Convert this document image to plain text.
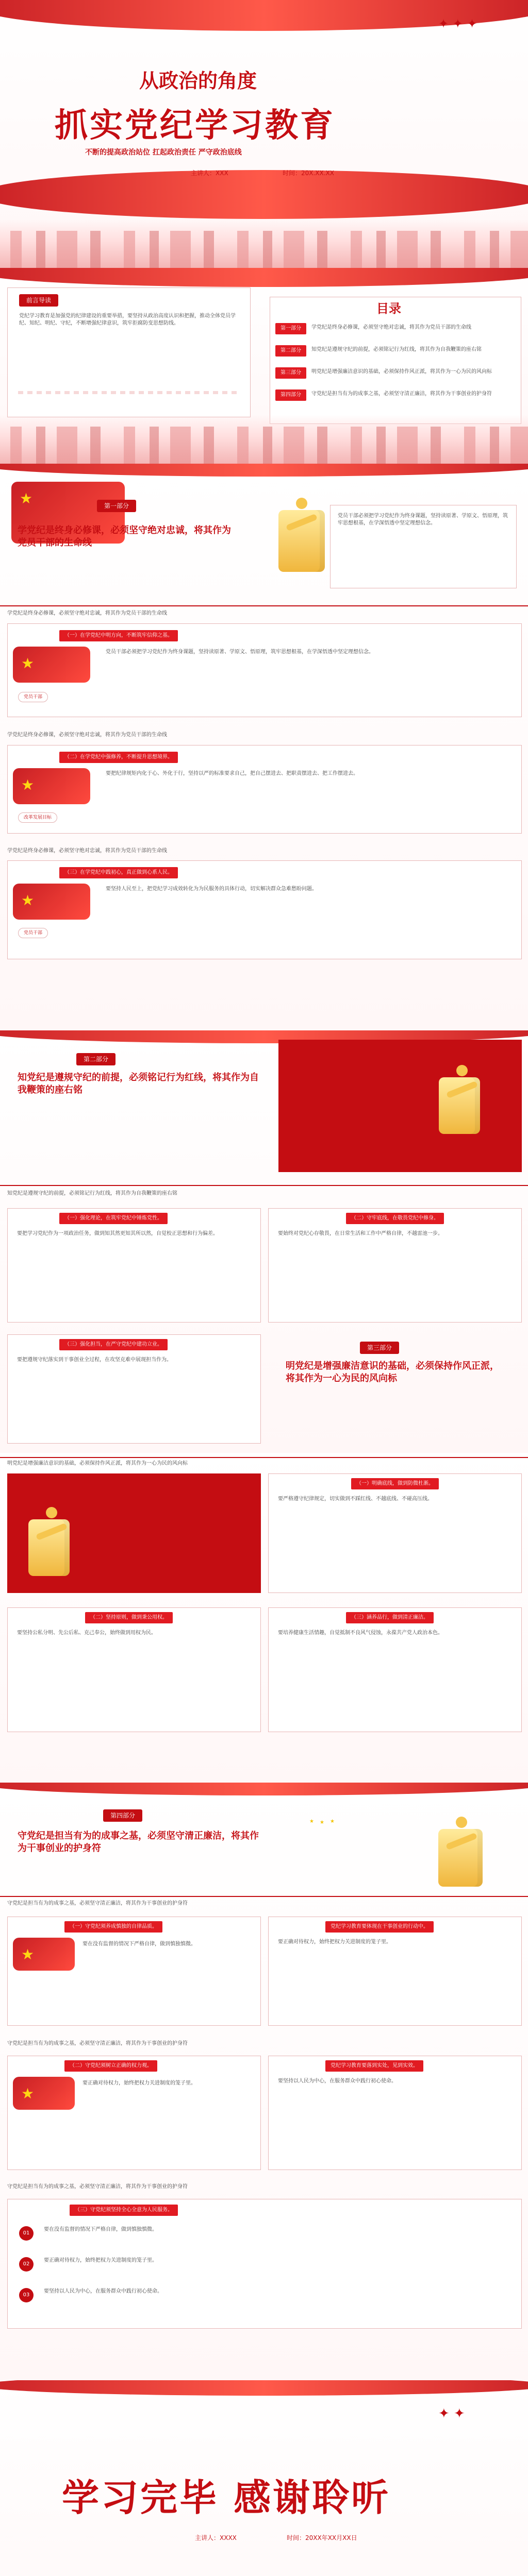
从政治的角度
抓实党纪学习教育
不断的提高政治站位 扛起政治责任 严守政治底线
主讲人：XXX	时间：20X.XX.XX
✦ ✦ ✦
前言导读
党纪学习教育是加强党的纪律建设的重要举措，要坚持从政治高度认识和把握，推动全体党员学纪、知纪、明纪、守纪，不断增强纪律意识，筑牢拒腐防变思想防线。
目录
第一部分	学党纪是终身必修课，必须坚守绝对忠诚，将其作为党员干部的生命线
第二部分	知党纪是遵规守纪的前提，必须铭记行为红线，将其作为自我鞭策的座右铭
第三部分	明党纪是增强廉洁意识的基础，必须保持作风正派，将其作为一心为民的风向标
第四部分	守党纪是担当有为的成事之基，必须坚守清正廉洁，将其作为干事创业的护身符
★
第一部分
学党纪是终身必修课，必须坚守绝对忠诚，将其作为党员干部的生命线
党员干部必须把学习党纪作为终身课题，坚持读原著、学原文、悟原理，筑牢思想根基，在学深悟透中坚定理想信念。
学党纪是终身必修课，必须坚守绝对忠诚，将其作为党员干部的生命线
（一）在学党纪中明方向，不断筑牢信仰之基。
★
党员干部
党员干部必须把学习党纪作为终身课题，坚持读原著、学原文、悟原理，筑牢思想根基，在学深悟透中坚定理想信念。
学党纪是终身必修课，必须坚守绝对忠诚，将其作为党员干部的生命线
（二）在学党纪中强修养，不断提升思想境界。
★
改革发展目标
要把纪律规矩内化于心、外化于行，坚持以严的标准要求自己，把自己摆进去、把职责摆进去、把工作摆进去。
学党纪是终身必修课，必须坚守绝对忠诚，将其作为党员干部的生命线
（三）在学党纪中践初心，真正做到心系人民。
★
党员干部
要坚持人民至上，把党纪学习成效转化为为民服务的具体行动，切实解决群众急难愁盼问题。
第二部分
知党纪是遵规守纪的前提，必须铭记行为红线，将其作为自我鞭策的座右铭
知党纪是遵规守纪的前提，必须铭记行为红线，将其作为自我鞭策的座右铭
（一）强化理论，在筑牢党纪中锤炼党性。
要把学习党纪作为一项政治任务，做到知其然更知其所以然，自觉校正思想和行为偏差。
（二）守牢底线，在敬畏党纪中修身。
要始终对党纪心存敬畏，在日常生活和工作中严格自律，不越雷池一步。
（三）强化担当，在严守党纪中建功立业。
要把遵规守纪落实到干事创业全过程，在攻坚克难中展现担当作为。
第三部分
明党纪是增强廉洁意识的基础，必须保持作风正派，将其作为一心为民的风向标
明党纪是增强廉洁意识的基础，必须保持作风正派，将其作为一心为民的风向标
（一）明确底线，做到防微杜渐。
要严格遵守纪律规定，切实做到不踩红线、不越底线、不碰高压线。
（二）坚持原则，做到秉公用权。
要坚持公私分明、先公后私、克己奉公，始终做到用权为民。
（三）涵养品行，做到清正廉洁。
要培养健康生活情趣，自觉抵制不良风气侵蚀，永葆共产党人政治本色。
第四部分
守党纪是担当有为的成事之基，必须坚守清正廉洁，将其作为干事创业的护身符
★ ★ ★
守党纪是担当有为的成事之基，必须坚守清正廉洁，将其作为干事创业的护身符
（一）守党纪须养成慎独的自律品质。
★
要在没有监督的情况下严格自律，做到慎独慎微。
党纪学习教育要体现在干事创业的行动中。
要正确对待权力，始终把权力关进制度的笼子里。
守党纪是担当有为的成事之基，必须坚守清正廉洁，将其作为干事创业的护身符
（二）守党纪须树立正确的权力观。
★
要正确对待权力，始终把权力关进制度的笼子里。
党纪学习教育要落到实处，见到实效。
要坚持以人民为中心，在服务群众中践行初心使命。
守党纪是担当有为的成事之基，必须坚守清正廉洁，将其作为干事创业的护身符
（三）守党纪须坚持全心全意为人民服务。
01
02
03
要在没有监督的情况下严格自律，做到慎独慎微。
要正确对待权力，始终把权力关进制度的笼子里。
要坚持以人民为中心，在服务群众中践行初心使命。
✦ ✦
学习完毕 感谢聆听
主讲人：XXXX	时间：20XX年XX月XX日
